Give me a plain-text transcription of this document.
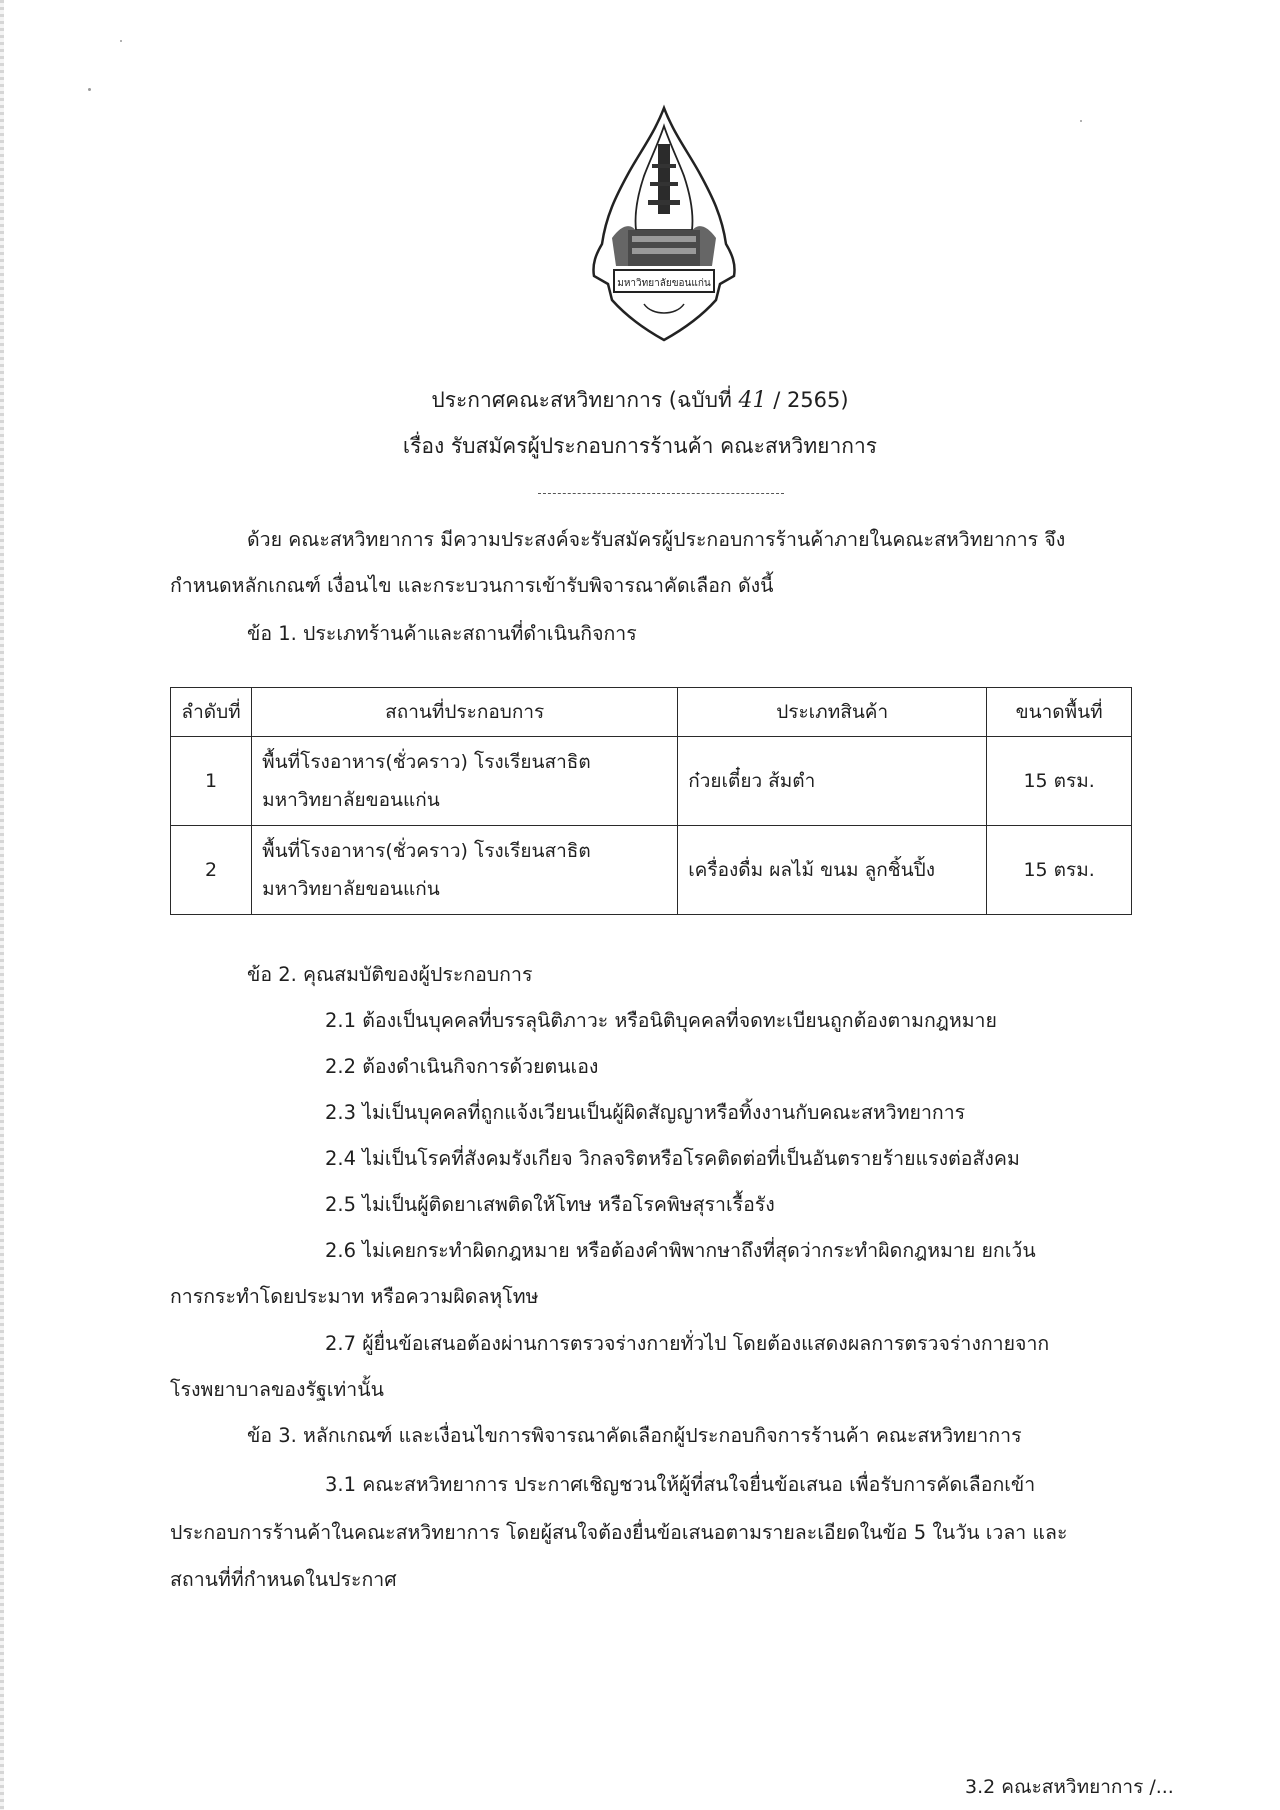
มหาวิทยาลัยขอนแก่น
ประกาศคณะสหวิทยาการ (ฉบับที่ 41 / 2565)
เรื่อง รับสมัครผู้ประกอบการร้านค้า คณะสหวิทยาการ
ด้วย คณะสหวิทยาการ มีความประสงค์จะรับสมัครผู้ประกอบการร้านค้าภายในคณะสหวิทยาการ จึง
กำหนดหลักเกณฑ์ เงื่อนไข และกระบวนการเข้ารับพิจารณาคัดเลือก ดังนี้
ข้อ 1. ประเภทร้านค้าและสถานที่ดำเนินกิจการ
ลำดับที่	สถานที่ประกอบการ	ประเภทสินค้า	ขนาดพื้นที่
1	พื้นที่โรงอาหาร(ชั่วคราว) โรงเรียนสาธิต
มหาวิทยาลัยขอนแก่น	ก๋วยเตี๋ยว ส้มตำ	15 ตรม.
2	พื้นที่โรงอาหาร(ชั่วคราว) โรงเรียนสาธิต
มหาวิทยาลัยขอนแก่น	เครื่องดื่ม ผลไม้ ขนม ลูกชิ้นปิ้ง	15 ตรม.
ข้อ 2. คุณสมบัติของผู้ประกอบการ
2.1 ต้องเป็นบุคคลที่บรรลุนิติภาวะ หรือนิติบุคคลที่จดทะเบียนถูกต้องตามกฎหมาย
2.2 ต้องดำเนินกิจการด้วยตนเอง
2.3 ไม่เป็นบุคคลที่ถูกแจ้งเวียนเป็นผู้ผิดสัญญาหรือทิ้งงานกับคณะสหวิทยาการ
2.4 ไม่เป็นโรคที่สังคมรังเกียจ วิกลจริตหรือโรคติดต่อที่เป็นอันตรายร้ายแรงต่อสังคม
2.5 ไม่เป็นผู้ติดยาเสพติดให้โทษ หรือโรคพิษสุราเรื้อรัง
2.6 ไม่เคยกระทำผิดกฎหมาย หรือต้องคำพิพากษาถึงที่สุดว่ากระทำผิดกฎหมาย ยกเว้น
การกระทำโดยประมาท หรือความผิดลหุโทษ
2.7 ผู้ยื่นข้อเสนอต้องผ่านการตรวจร่างกายทั่วไป โดยต้องแสดงผลการตรวจร่างกายจาก
โรงพยาบาลของรัฐเท่านั้น
ข้อ 3. หลักเกณฑ์ และเงื่อนไขการพิจารณาคัดเลือกผู้ประกอบกิจการร้านค้า คณะสหวิทยาการ
3.1 คณะสหวิทยาการ ประกาศเชิญชวนให้ผู้ที่สนใจยื่นข้อเสนอ เพื่อรับการคัดเลือกเข้า
ประกอบการร้านค้าในคณะสหวิทยาการ โดยผู้สนใจต้องยื่นข้อเสนอตามรายละเอียดในข้อ 5 ในวัน เวลา และ
สถานที่ที่กำหนดในประกาศ
3.2 คณะสหวิทยาการ /...
